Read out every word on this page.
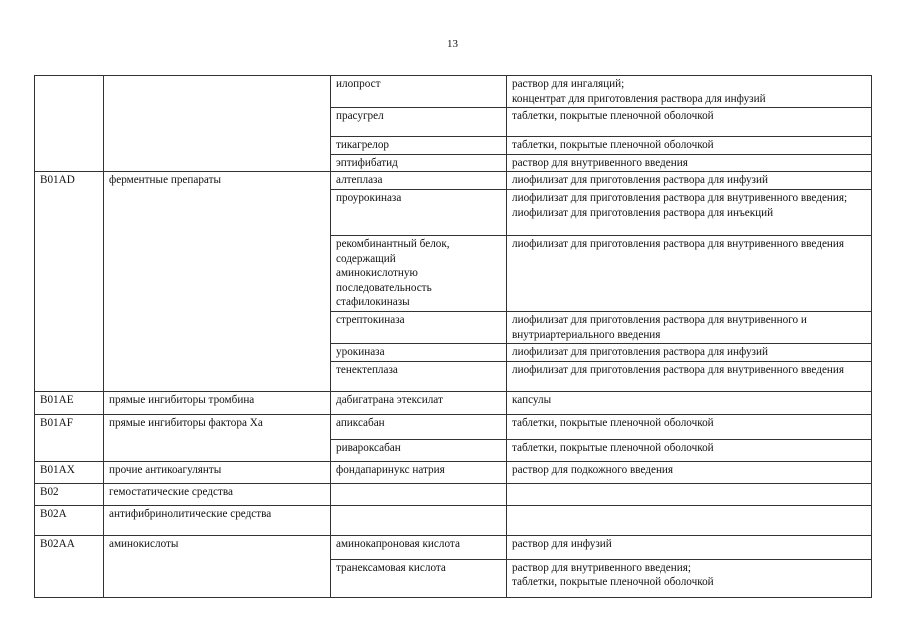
13
		илопрост	раствор для ингаляций;
концентрат для приготовления раствора для инфузий
		прасугрел	таблетки, покрытые пленочной оболочкой
		тикагрелор	таблетки, покрытые пленочной оболочкой
		эптифибатид	раствор для внутривенного введения
B01AD	ферментные препараты	алтеплаза	лиофилизат для приготовления раствора для инфузий
		проурокиназа	лиофилизат для приготовления раствора для внутривенного введения;
лиофилизат для приготовления раствора для инъекций
		рекомбинантный белок,
содержащий
аминокислотную
последовательность
стафилокиназы	лиофилизат для приготовления раствора для внутривенного введения
		стрептокиназа	лиофилизат для приготовления раствора для внутривенного и внутриартериального введения
		урокиназа	лиофилизат для приготовления раствора для инфузий
		тенектеплаза	лиофилизат для приготовления раствора для внутривенного введения
B01AE	прямые ингибиторы тромбина	дабигатрана этексилат	капсулы
B01AF	прямые ингибиторы фактора Xa	апиксабан	таблетки, покрытые пленочной оболочкой
		ривароксабан	таблетки, покрытые пленочной оболочкой
B01AX	прочие антикоагулянты	фондапаринукс натрия	раствор для подкожного введения
B02	гемостатические средства		
B02A	антифибринолитические средства		
B02AA	аминокислоты	аминокапроновая кислота	раствор для инфузий
		транексамовая кислота	раствор для внутривенного введения;
таблетки, покрытые пленочной оболочкой
